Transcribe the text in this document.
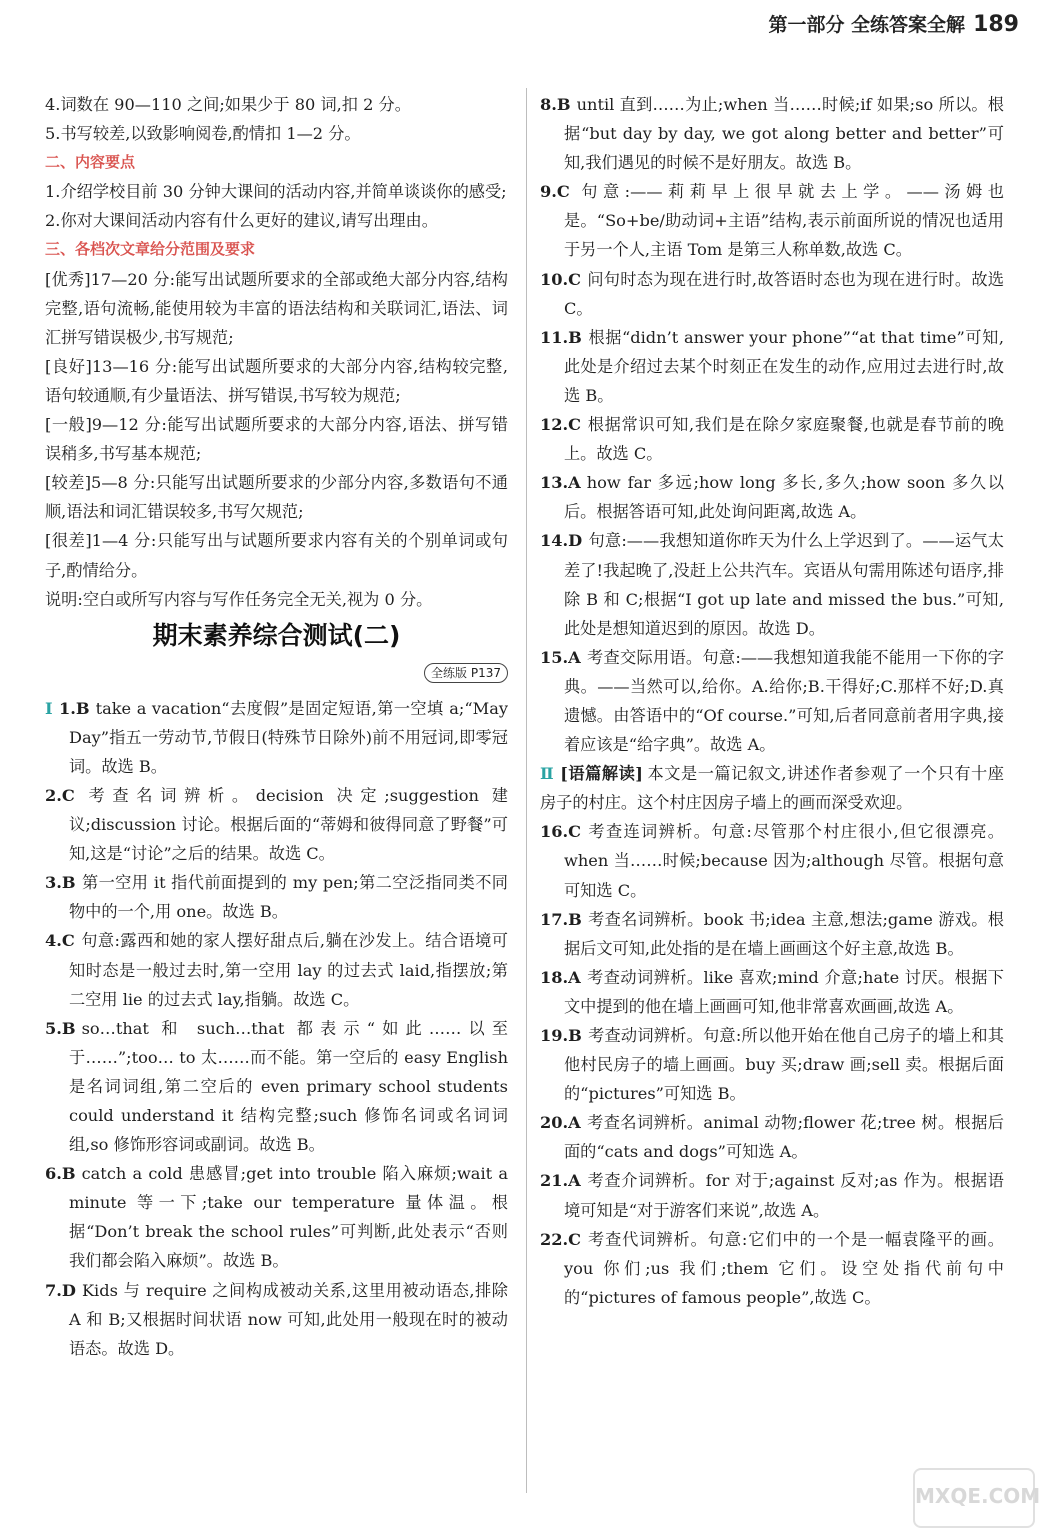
第一部分 全练答案全解 189

4.词数在 90—110 之间;如果少于 80 词,扣 2 分。

5.书写较差,以致影响阅卷,酌情扣 1—2 分。

二、内容要点

1.介绍学校目前 30 分钟大课间的活动内容,并简单谈谈你的感受;

2.你对大课间活动内容有什么更好的建议,请写出理由。

三、各档次文章给分范围及要求

[优秀]17—20 分:能写出试题所要求的全部或绝大部分内容,结构完整,语句流畅,能使用较为丰富的语法结构和关联词汇,语法、词汇拼写错误极少,书写规范;

[良好]13—16 分:能写出试题所要求的大部分内容,结构较完整,语句较通顺,有少量语法、拼写错误,书写较为规范;

[一般]9—12 分:能写出试题所要求的大部分内容,语法、拼写错误稍多,书写基本规范;

[较差]5—8 分:只能写出试题所要求的少部分内容,多数语句不通顺,语法和词汇错误较多,书写欠规范;

[很差]1—4 分:只能写出与试题所要求内容有关的个别单词或句子,酌情给分。

说明:空白或所写内容与写作任务完全无关,视为 0 分。

期末素养综合测试(二)
全练版 P137

Ⅰ 1.B take a vacation“去度假”是固定短语,第一空填 a;“May Day”指五一劳动节,节假日(特殊节日除外)前不用冠词,即零冠词。故选 B。

2.C 考查名词辨析。decision 决定;suggestion 建议;discussion 讨论。根据后面的“蒂姆和彼得同意了野餐”可知,这是“讨论”之后的结果。故选 C。

3.B 第一空用 it 指代前面提到的 my pen;第二空泛指同类不同物中的一个,用 one。故选 B。

4.C 句意:露西和她的家人摆好甜点后,躺在沙发上。结合语境可知时态是一般过去时,第一空用 lay 的过去式 laid,指摆放;第二空用 lie 的过去式 lay,指躺。故选 C。

5.B so…that 和 such…that 都表示“如此……以至于……”;too… to 太……而不能。第一空后的 easy English 是名词词组,第二空后的 even primary school students could understand it 结构完整;such 修饰名词或名词词组,so 修饰形容词或副词。故选 B。

6.B catch a cold 患感冒;get into trouble 陷入麻烦;wait a minute 等一下;take our temperature 量体温。根据“Don’t break the school rules”可判断,此处表示“否则我们都会陷入麻烦”。故选 B。

7.D Kids 与 require 之间构成被动关系,这里用被动语态,排除 A 和 B;又根据时间状语 now 可知,此处用一般现在时的被动语态。故选 D。

8.B until 直到……为止;when 当……时候;if 如果;so 所以。根据“but day by day, we got along better and better”可知,我们遇见的时候不是好朋友。故选 B。

9.C 句意:——莉莉早上很早就去上学。——汤姆也是。“So+be/助动词+主语”结构,表示前面所说的情况也适用于另一个人,主语 Tom 是第三人称单数,故选 C。

10.C 问句时态为现在进行时,故答语时态也为现在进行时。故选 C。

11.B 根据“didn’t answer your phone”“at that time”可知,此处是介绍过去某个时刻正在发生的动作,应用过去进行时,故选 B。

12.C 根据常识可知,我们是在除夕家庭聚餐,也就是春节前的晚上。故选 C。

13.A how far 多远;how long 多长,多久;how soon 多久以后。根据答语可知,此处询问距离,故选 A。

14.D 句意:——我想知道你昨天为什么上学迟到了。——运气太差了!我起晚了,没赶上公共汽车。宾语从句需用陈述句语序,排除 B 和 C;根据“I got up late and missed the bus.”可知,此处是想知道迟到的原因。故选 D。

15.A 考查交际用语。句意:——我想知道我能不能用一下你的字典。——当然可以,给你。A.给你;B.干得好;C.那样不好;D.真遗憾。由答语中的“Of course.”可知,后者同意前者用字典,接着应该是“给字典”。故选 A。

Ⅱ [语篇解读] 本文是一篇记叙文,讲述作者参观了一个只有十座房子的村庄。这个村庄因房子墙上的画而深受欢迎。

16.C 考查连词辨析。句意:尽管那个村庄很小,但它很漂亮。when 当……时候;because 因为;although 尽管。根据句意可知选 C。

17.B 考查名词辨析。book 书;idea 主意,想法;game 游戏。根据后文可知,此处指的是在墙上画画这个好主意,故选 B。

18.A 考查动词辨析。like 喜欢;mind 介意;hate 讨厌。根据下文中提到的他在墙上画画可知,他非常喜欢画画,故选 A。

19.B 考查动词辨析。句意:所以他开始在他自己房子的墙上和其他村民房子的墙上画画。buy 买;draw 画;sell 卖。根据后面的“pictures”可知选 B。

20.A 考查名词辨析。animal 动物;flower 花;tree 树。根据后面的“cats and dogs”可知选 A。

21.A 考查介词辨析。for 对于;against 反对;as 作为。根据语境可知是“对于游客们来说”,故选 A。

22.C 考查代词辨析。句意:它们中的一个是一幅袁隆平的画。you 你们;us 我们;them 它们。设空处指代前句中的“pictures of famous people”,故选 C。

MXQE.COM
